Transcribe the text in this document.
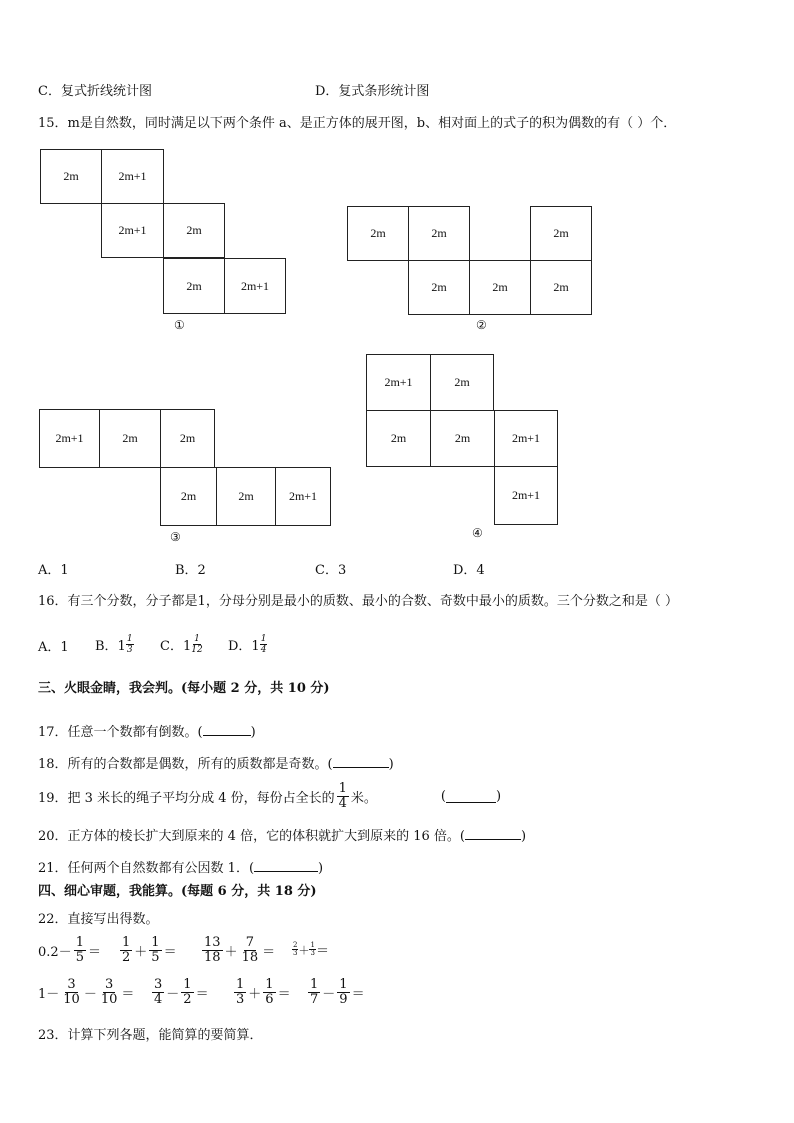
C．复式折线统计图	D．复式条形统计图
15．m是自然数，同时满足以下两个条件 a、是正方体的展开图，b、相对面上的式子的积为偶数的有（ ）个．
2m	2m+1
2m+1	2m
2m	2m+1
①
2m	2m	2m
2m	2m	2m
②
2m+1	2m	2m
2m	2m	2m+1
③
2m+1	2m
2m	2m	2m+1
2m+1
④
A．1	B．2	C．3	D．4
16．有三个分数，分子都是1，分母分别是最小的质数、最小的合数、奇数中最小的质数。三个分数之和是（ ）
A．1 B．1 1
3 C．1 1
12 D．1 1
4
三、火眼金睛，我会判。(每小题 2 分，共 10 分)
17．任意一个数都有倒数。(	)
18．所有的合数都是偶数，所有的质数都是奇数。(	)
19．把 3 米长的绳子平均分成 4 份，每份占全长的 $\frac{1}{4}$ 米。	(	)
20．正方体的棱长扩大到原来的 4 倍，它的体积就扩大到原来的 16 倍。(	)
21．任何两个自然数都有公因数 1．(	)
四、细心审题，我能算。(每题 6 分，共 18 分)
22．直接写出得数。
$0.2- \frac{1}{5} = \frac{1}{2} + \frac{1}{5} = \frac{13}{18} + \frac{7}{18}$ ＝	2
3 ＋ 1
3 ＝
$1- \frac{3}{10} - \frac{3}{10} = \frac{3}{4} - \frac{1}{2} = \frac{1}{3} + \frac{1}{6} = \frac{1}{7} - \frac{1}{9}$ ＝
23．计算下列各题，能简算的要简算．
